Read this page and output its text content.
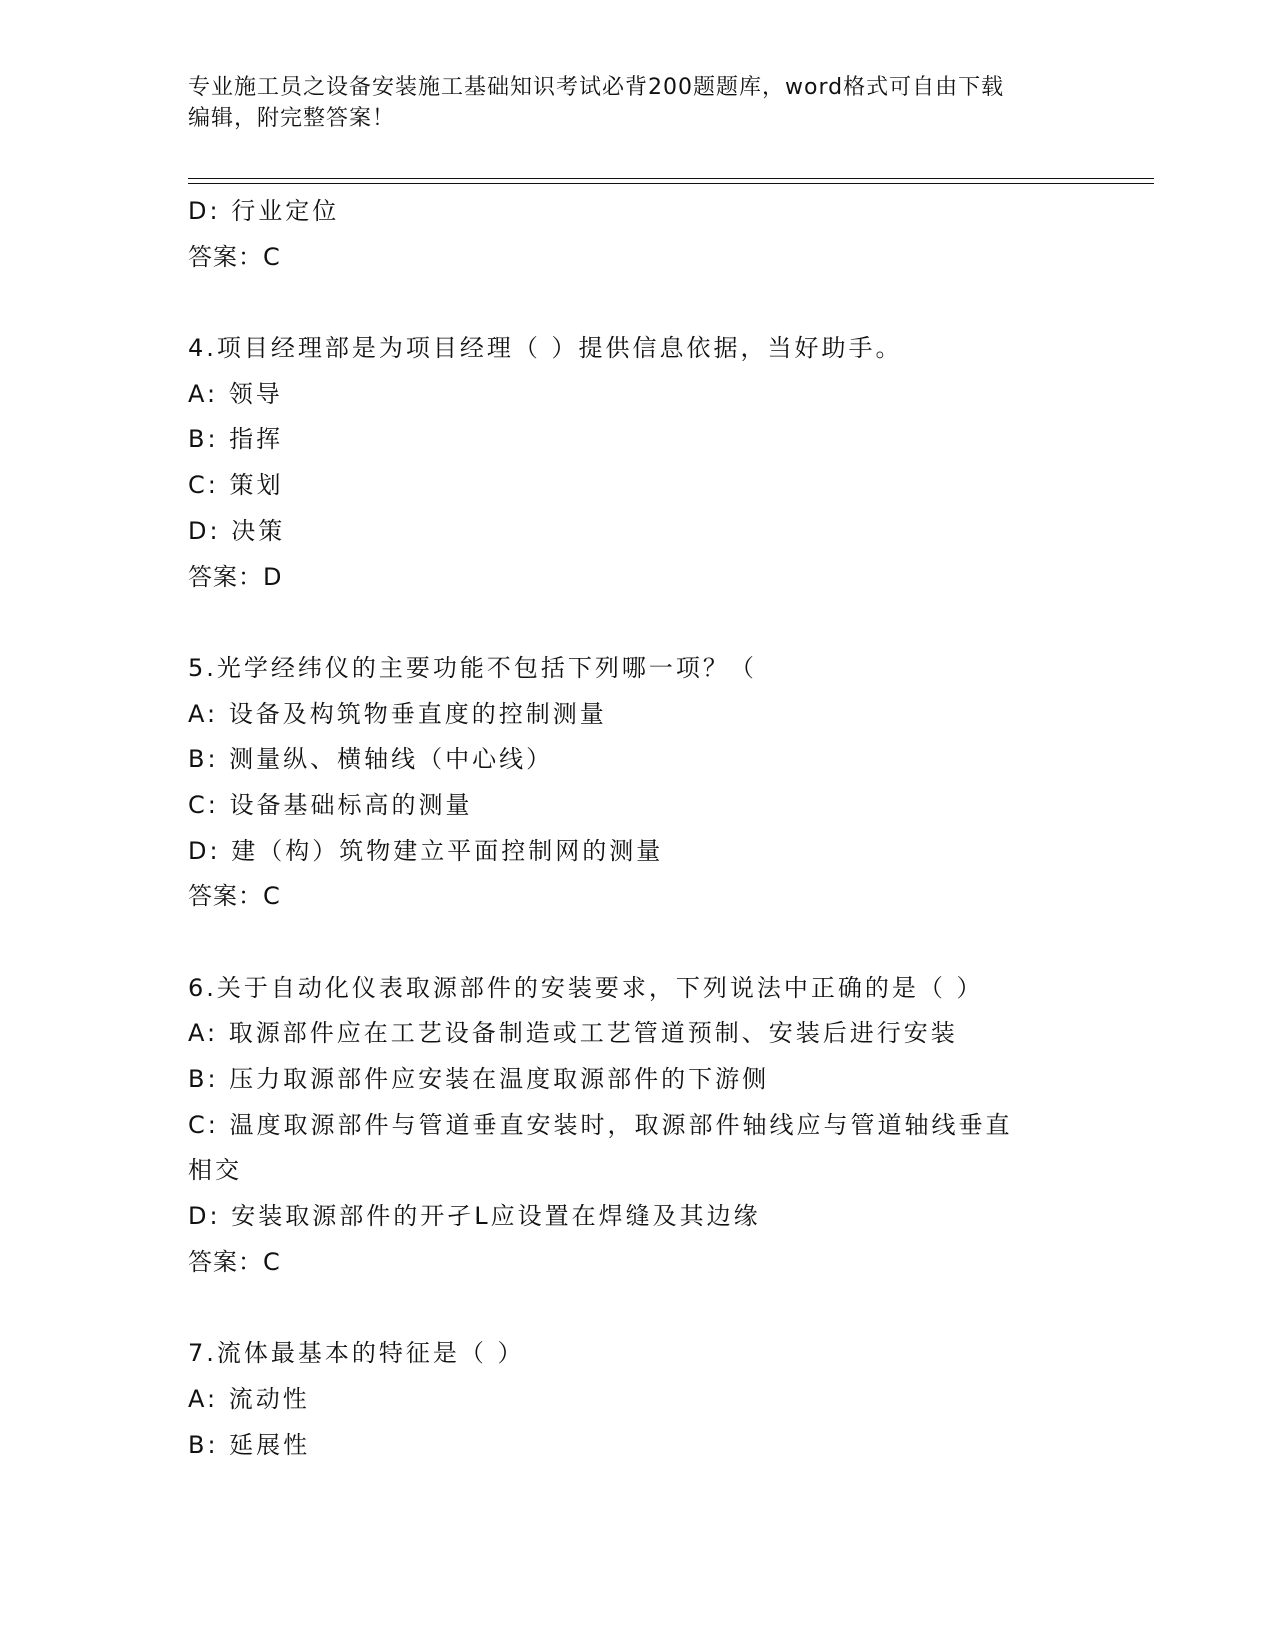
专业施工员之设备安装施工基础知识考试必背200题题库，word格式可自由下载
编辑，附完整答案！
D: 行业定位
答案：C
4.项目经理部是为项目经理（ ）提供信息依据，当好助手。
A: 领导
B: 指挥
C: 策划
D: 决策
答案：D
5.光学经纬仪的主要功能不包括下列哪一项？（
A: 设备及构筑物垂直度的控制测量
B: 测量纵、横轴线（中心线）
C: 设备基础标高的测量
D: 建（构）筑物建立平面控制网的测量
答案：C
6.关于自动化仪表取源部件的安装要求，下列说法中正确的是（ ）
A: 取源部件应在工艺设备制造或工艺管道预制、安装后进行安装
B: 压力取源部件应安装在温度取源部件的下游侧
C: 温度取源部件与管道垂直安装时，取源部件轴线应与管道轴线垂直
相交
D: 安装取源部件的开孑L应设置在焊缝及其边缘
答案：C
7.流体最基本的特征是（ ）
A: 流动性
B: 延展性
